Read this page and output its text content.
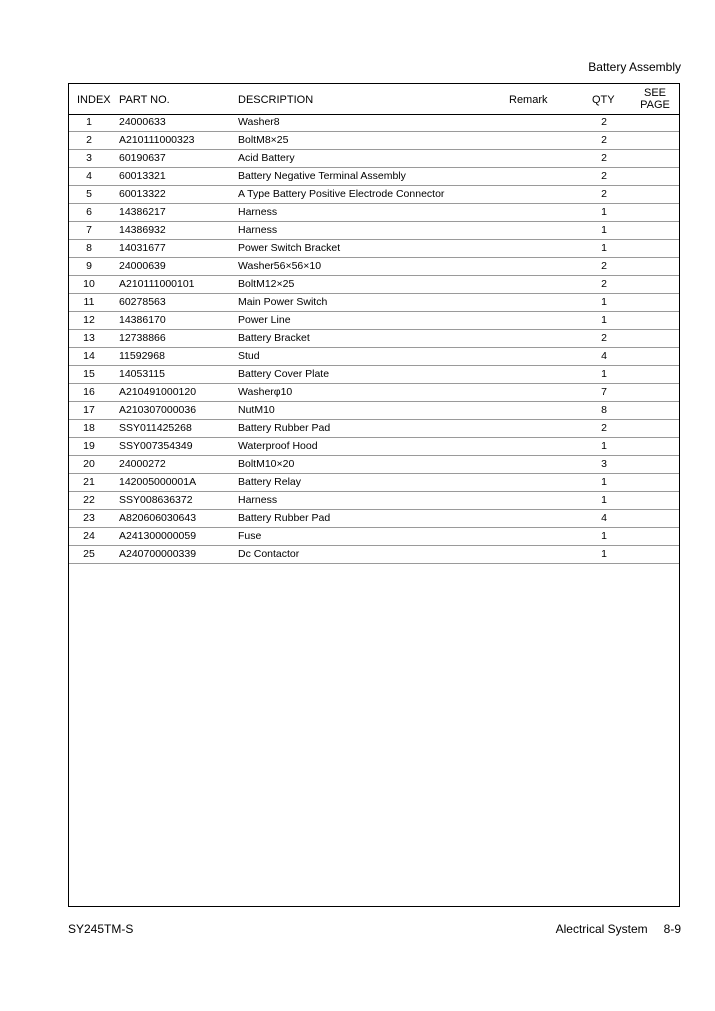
Battery Assembly
INDEX PART NO.	DESCRIPTION	Remark	QTY
SEE
PAGE
1	24000633	Washer8	2
2	A210111000323	BoltM8×25	2
3	60190637	Acid Battery	2
4	60013321	Battery Negative Terminal Assembly	2
5	60013322	A Type Battery Positive Electrode Connector	2
6	14386217	Harness	1
7	14386932	Harness	1
8	14031677	Power Switch Bracket	1
9	24000639	Washer56×56×10	2
10	A210111000101	BoltM12×25	2
11	60278563	Main Power Switch	1
12	14386170	Power Line	1
13	12738866	Battery Bracket	2
14	11592968	Stud	4
15	14053115	Battery Cover Plate	1
16	A210491000120	Washerφ10	7
17	A210307000036	NutM10	8
18	SSY011425268	Battery Rubber Pad	2
19	SSY007354349	Waterproof Hood	1
20	24000272	BoltM10×20	3
21	142005000001A	Battery Relay	1
22	SSY008636372	Harness	1
23	A820606030643	Battery Rubber Pad	4
24	A241300000059	Fuse	1
25	A240700000339	Dc Contactor	1
SY245TM-S	Alectrical System 8-9
